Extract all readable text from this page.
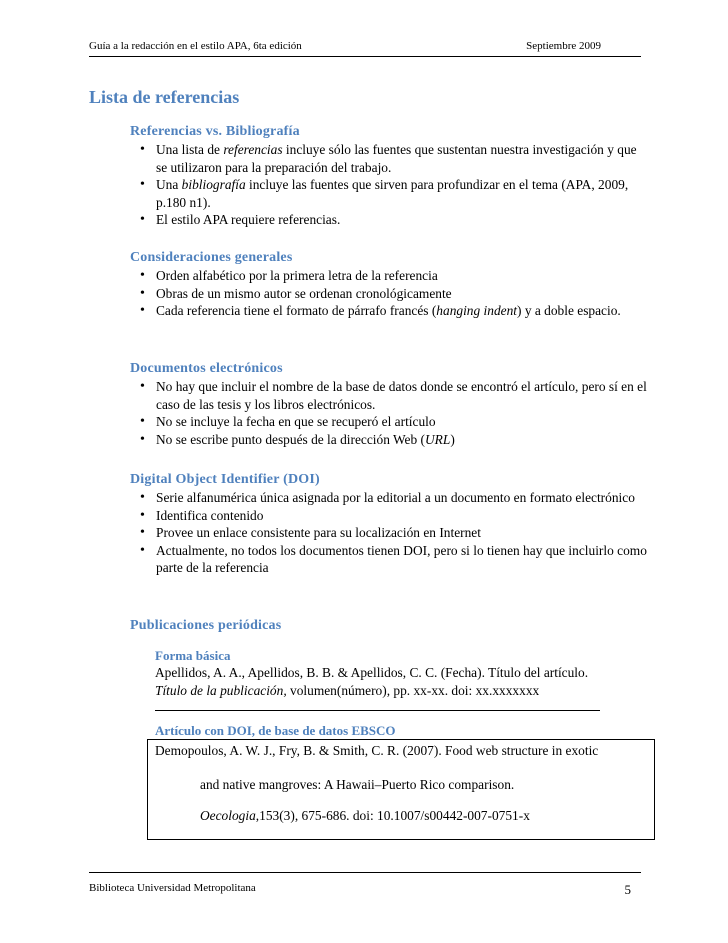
Guía a la redacción en el estilo APA, 6ta edición	Septiembre 2009
Lista de referencias
Referencias vs. Bibliografía
• Una lista de referencias incluye sólo las fuentes que sustentan nuestra investigación y que se utilizaron para la preparación del trabajo.
• Una bibliografía incluye las fuentes que sirven para profundizar en el tema (APA, 2009, p.180 n1).
• El estilo APA requiere referencias.
Consideraciones generales
• Orden alfabético por la primera letra de la referencia
• Obras de un mismo autor se ordenan cronológicamente
• Cada referencia tiene el formato de párrafo francés (hanging indent) y a doble espacio.
Documentos electrónicos
• No hay que incluir el nombre de la base de datos donde se encontró el artículo, pero sí en el caso de las tesis y los libros electrónicos.
• No se incluye la fecha en que se recuperó el artículo
• No se escribe punto después de la dirección Web (URL)
Digital Object Identifier (DOI)
• Serie alfanumérica única asignada por la editorial a un documento en formato electrónico
• Identifica contenido
• Provee un enlace consistente para su localización en Internet
• Actualmente, no todos los documentos tienen DOI, pero si lo tienen hay que incluirlo como parte de la referencia
Publicaciones periódicas
Forma básica
Apellidos, A. A., Apellidos, B. B. & Apellidos, C. C. (Fecha). Título del artículo.
Título de la publicación, volumen(número), pp. xx-xx. doi: xx.xxxxxxx
Artículo con DOI, de base de datos EBSCO
Demopoulos, A. W. J., Fry, B. & Smith, C. R. (2007). Food web structure in exotic
and native mangroves: A Hawaii–Puerto Rico comparison.
Oecologia,153(3), 675-686. doi: 10.1007/s00442-007-0751-x
Biblioteca Universidad Metropolitana	5
